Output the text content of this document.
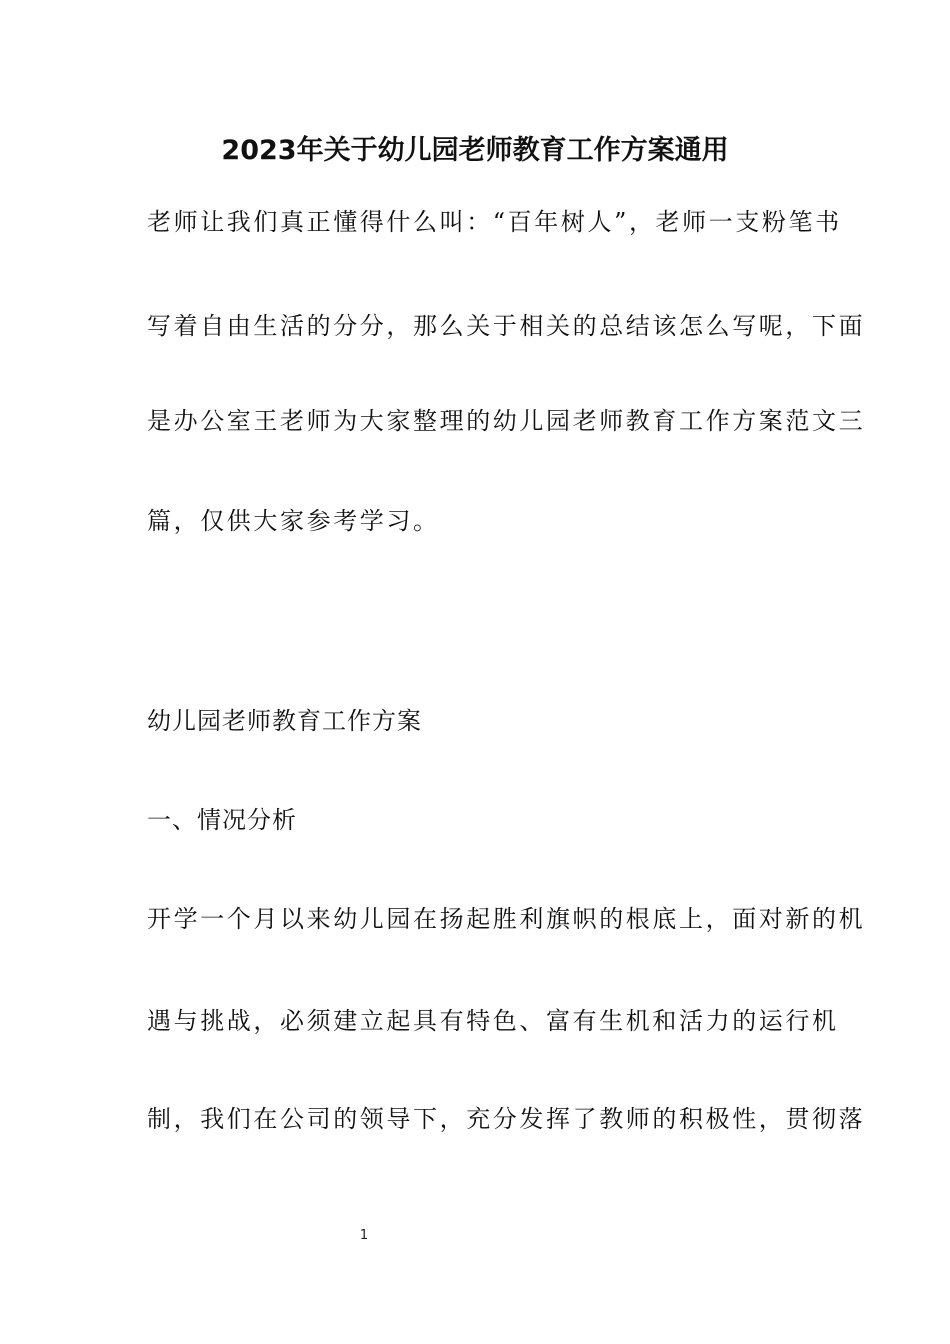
2023年关于幼儿园老师教育工作方案通用
老师让我们真正懂得什么叫：“百年树人”，老师一支粉笔书
写着自由生活的分分，那么关于相关的总结该怎么写呢，下面
是办公室王老师为大家整理的幼儿园老师教育工作方案范文三
篇，仅供大家参考学习。
幼儿园老师教育工作方案
一、情况分析
开学一个月以来幼儿园在扬起胜利旗帜的根底上，面对新的机
遇与挑战，必须建立起具有特色、富有生机和活力的运行机
制，我们在公司的领导下，充分发挥了教师的积极性，贯彻落
1
